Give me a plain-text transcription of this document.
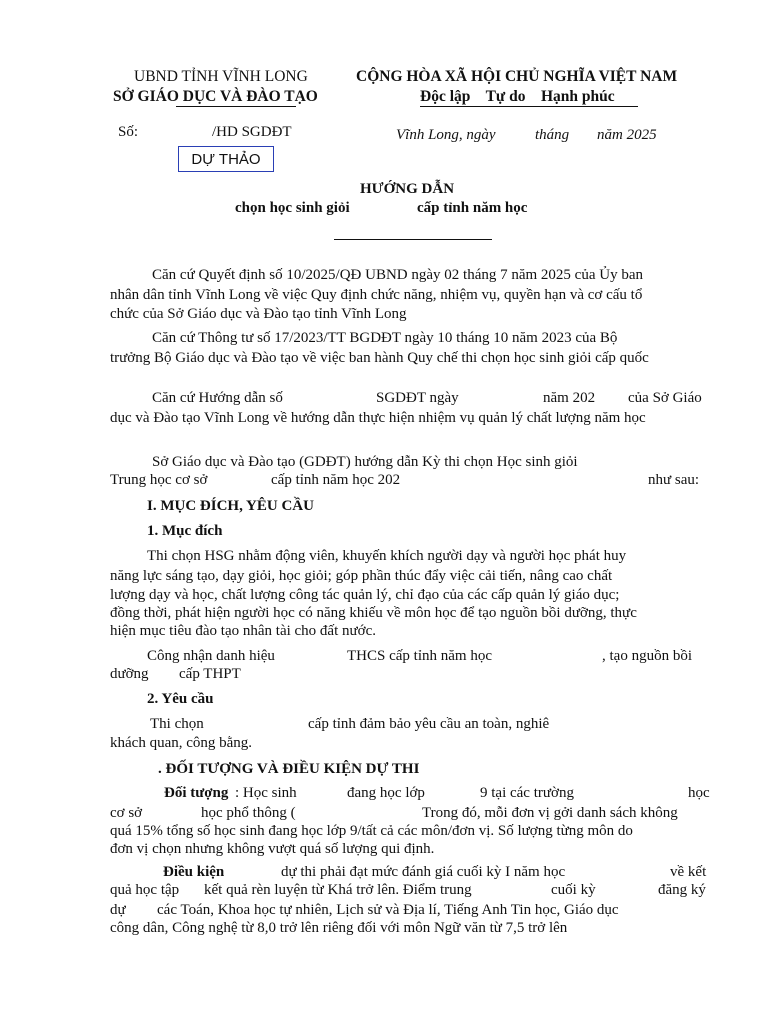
UBND TỈNH VĨNH LONG
SỞ GIÁO DỤC VÀ ĐÀO TẠO
CỘNG HÒA XÃ HỘI CHỦ NGHĨA VIỆT NAM
Độc lập    Tự do    Hạnh phúc
Số:	/HD SGDĐT	Vĩnh Long, ngày	tháng năm 2025
DỰ THẢO
HƯỚNG DẪN
chọn học sinh giỏi	cấp tỉnh năm học
Căn cứ Quyết định số 10/2025/QĐ UBND ngày 02 tháng 7 năm 2025 của Ủy ban
nhân dân tỉnh Vĩnh Long về việc Quy định chức năng, nhiệm vụ, quyền hạn và cơ cấu tổ
chức của Sở Giáo dục và Đào tạo tỉnh Vĩnh Long
Căn cứ Thông tư số 17/2023/TT BGDĐT ngày 10 tháng 10 năm 2023 của Bộ
trưởng Bộ Giáo dục và Đào tạo về việc ban hành Quy chế thi chọn học sinh giỏi cấp quốc
Căn cứ Hướng dẫn số	SGDĐT ngày	năm 202 của Sở Giáo
dục và Đào tạo Vĩnh Long về hướng dẫn thực hiện nhiệm vụ quản lý chất lượng năm học
Sở Giáo dục và Đào tạo (GDĐT) hướng dẫn Kỳ thi chọn Học sinh giỏi
Trung học cơ sở	cấp tỉnh năm học 202	như sau:
I. MỤC ĐÍCH, YÊU CẦU
1. Mục đích
Thi chọn HSG nhằm động viên, khuyến khích người dạy và người học phát huy
năng lực sáng tạo, dạy giỏi, học giỏi; góp phần thúc đẩy việc cải tiến, nâng cao chất
lượng dạy và học, chất lượng công tác quản lý, chỉ đạo của các cấp quản lý giáo dục;
đồng thời, phát hiện người học có năng khiếu về môn học để tạo nguồn bồi dưỡng, thực
hiện mục tiêu đào tạo nhân tài cho đất nước.
Công nhận danh hiệu	THCS cấp tỉnh năm học	, tạo nguồn bồi
dưỡng cấp THPT
2. Yêu cầu
Thi chọn	cấp tỉnh đảm bảo yêu cầu an toàn, nghiê
khách quan, công bằng.
. ĐỐI TƯỢNG VÀ ĐIỀU KIỆN DỰ THI
Đối tượng : Học sinh	đang học lớp	9 tại các trường	học
cơ sở	học phổ thông (	Trong đó, mỗi đơn vị gởi danh sách không
quá 15% tổng số học sinh đang học lớp 9/tất cả các môn/đơn vị. Số lượng từng môn do
đơn vị chọn nhưng không vượt quá số lượng qui định.
Điều kiện	dự thi phải đạt mức đánh giá cuối kỳ I năm học	về kết
quả học tập kết quả rèn luyện từ Khá trở lên. Điểm trung	cuối kỳ	đăng ký
dự các Toán, Khoa học tự nhiên, Lịch sử và Địa lí, Tiếng Anh Tin học, Giáo dục
công dân, Công nghệ từ 8,0 trở lên riêng đối với môn Ngữ văn từ 7,5 trở lên
